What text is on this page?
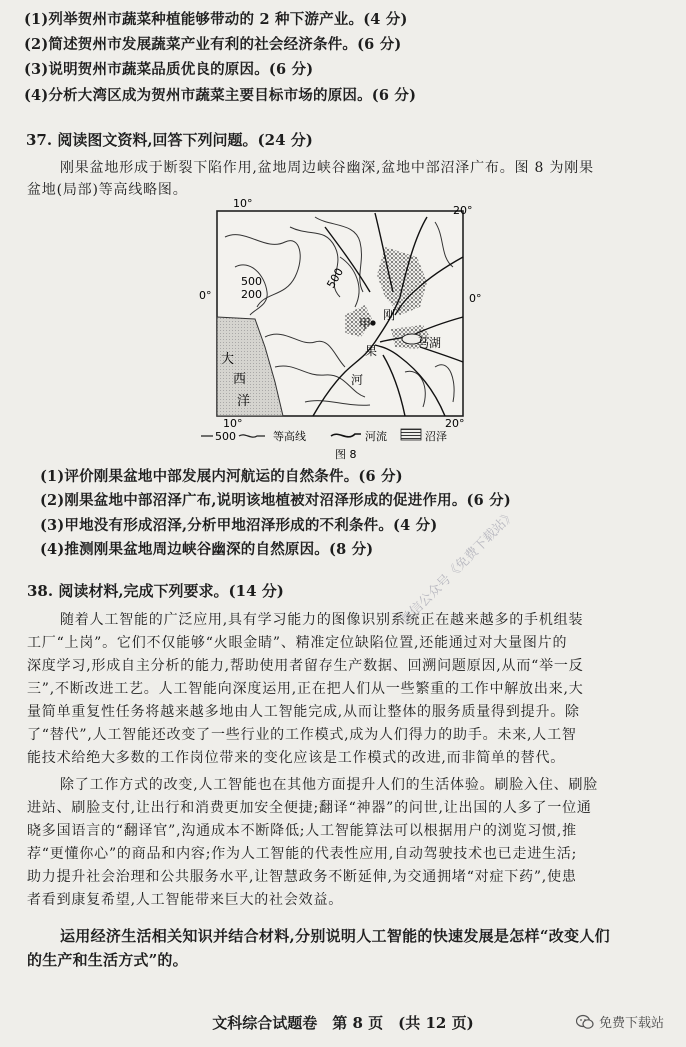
(1)列举贺州市蔬菜种植能够带动的 2 种下游产业。(4 分)
(2)简述贺州市发展蔬菜产业有利的社会经济条件。(6 分)
(3)说明贺州市蔬菜品质优良的原因。(6 分)
(4)分析大湾区成为贺州市蔬菜主要目标市场的原因。(6 分)
37. 阅读图文资料,回答下列问题。(24 分)
刚果盆地形成于断裂下陷作用,盆地周边峡谷幽深,盆地中部沼泽广布。图 8 为刚果
盆地(局部)等高线略图。
10°
20°
0°	0°
10°	20°
500
200
500
甲
刚
果
河
马湖
大
西
洋
500	等高线	河流	沼泽
图 8
(1)评价刚果盆地中部发展内河航运的自然条件。(6 分)
(2)刚果盆地中部沼泽广布,说明该地植被对沼泽形成的促进作用。(6 分)
(3)甲地没有形成沼泽,分析甲地沼泽形成的不利条件。(4 分)
(4)推测刚果盆地周边峡谷幽深的自然原因。(8 分)
38. 阅读材料,完成下列要求。(14 分)
随着人工智能的广泛应用,具有学习能力的图像识别系统正在越来越多的手机组装
工厂“上岗”。它们不仅能够“火眼金睛”、精准定位缺陷位置,还能通过对大量图片的
深度学习,形成自主分析的能力,帮助使用者留存生产数据、回溯问题原因,从而“举一反
三”,不断改进工艺。人工智能向深度运用,正在把人们从一些繁重的工作中解放出来,大
量简单重复性任务将越来越多地由人工智能完成,从而让整体的服务质量得到提升。除
了“替代”,人工智能还改变了一些行业的工作模式,成为人们得力的助手。未来,人工智
能技术给绝大多数的工作岗位带来的变化应该是工作模式的改进,而非简单的替代。
除了工作方式的改变,人工智能也在其他方面提升人们的生活体验。刷脸入住、刷脸
进站、刷脸支付,让出行和消费更加安全便捷;翻译“神器”的问世,让出国的人多了一位通
晓多国语言的“翻译官”,沟通成本不断降低;人工智能算法可以根据用户的浏览习惯,推
荐“更懂你心”的商品和内容;作为人工智能的代表性应用,自动驾驶技术也已走进生活;
助力提升社会治理和公共服务水平,让智慧政务不断延伸,为交通拥堵“对症下药”,使患
者看到康复希望,人工智能带来巨大的社会效益。
运用经济生活相关知识并结合材料,分别说明人工智能的快速发展是怎样“改变人们
的生产和生活方式”的。
微信公众号《免费下载站》
文科综合试题卷　第 8 页　(共 12 页)	免费下载站
